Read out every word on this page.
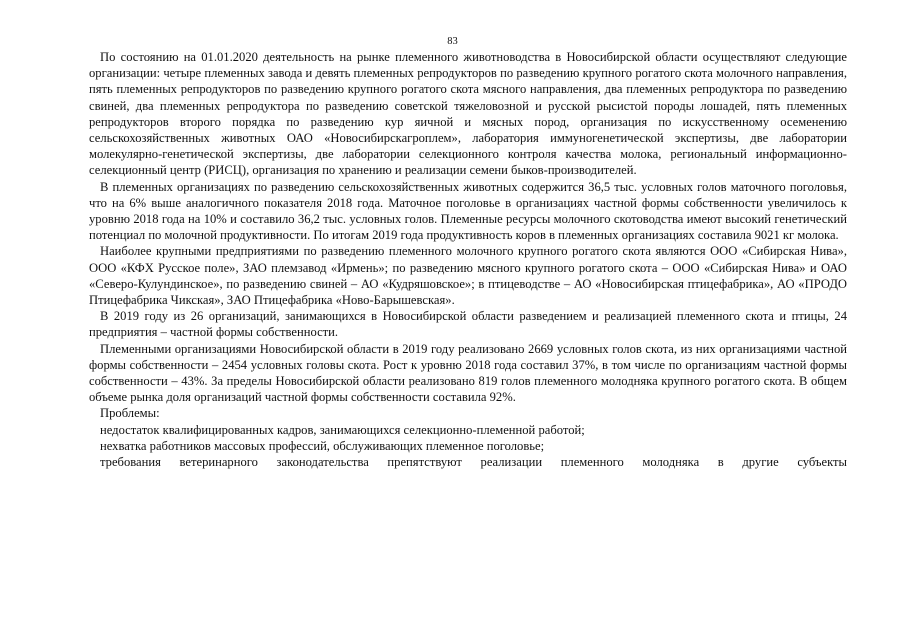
83

По состоянию на 01.01.2020 деятельность на рынке племенного животноводства в Новосибирской области осуществляют следующие организации: четыре племенных завода и девять племенных репродукторов по разведению крупного рогатого скота молочного направления, пять племенных репродукторов по разведению крупного рогатого скота мясного направления, два племенных репродуктора по разведению свиней, два племенных репродуктора по разведению советской тяжеловозной и русской рысистой породы лошадей, пять племенных репродукторов второго порядка по разведению кур яичной и мясных пород, организация по искусственному осеменению сельскохозяйственных животных ОАО «Новосибирскагроплем», лаборатория иммуногенетической экспертизы, две лаборатории молекулярно-генетической экспертизы, две лаборатории селекционного контроля качества молока, региональный информационно-селекционный центр (РИСЦ), организация по хранению и реализации семени быков-производителей.

В племенных организациях по разведению сельскохозяйственных животных содержится 36,5 тыс. условных голов маточного поголовья, что на 6% выше аналогичного показателя 2018 года. Маточное поголовье в организациях частной формы собственности увеличилось к уровню 2018 года на 10% и составило 36,2 тыс. условных голов. Племенные ресурсы молочного скотоводства имеют высокий генетический потенциал по молочной продуктивности. По итогам 2019 года продуктивность коров в племенных организациях составила 9021 кг молока.

Наиболее крупными предприятиями по разведению племенного молочного крупного рогатого скота являются ООО «Сибирская Нива», ООО «КФХ Русское поле», ЗАО племзавод «Ирмень»; по разведению мясного крупного рогатого скота – ООО «Сибирская Нива» и ОАО «Северо-Кулундинское», по разведению свиней – АО «Кудряшовское»; в птицеводстве – АО «Новосибирская птицефабрика», АО «ПРОДО Птицефабрика Чикская», ЗАО Птицефабрика «Ново-Барышевская».

В 2019 году из 26 организаций, занимающихся в Новосибирской области разведением и реализацией племенного скота и птицы, 24 предприятия – частной формы собственности.

Племенными организациями Новосибирской области в 2019 году реализовано 2669 условных голов скота, из них организациями частной формы собственности – 2454 условных головы скота. Рост к уровню 2018 года составил 37%, в том числе по организациям частной формы собственности – 43%. За пределы Новосибирской области реализовано 819 голов племенного молодняка крупного рогатого скота. В общем объеме рынка доля организаций частной формы собственности составила 92%.

Проблемы:

недостаток квалифицированных кадров, занимающихся селекционно-племенной работой;

нехватка работников массовых профессий, обслуживающих племенное поголовье;

требования ветеринарного законодательства препятствуют реализации племенного молодняка в другие субъекты
